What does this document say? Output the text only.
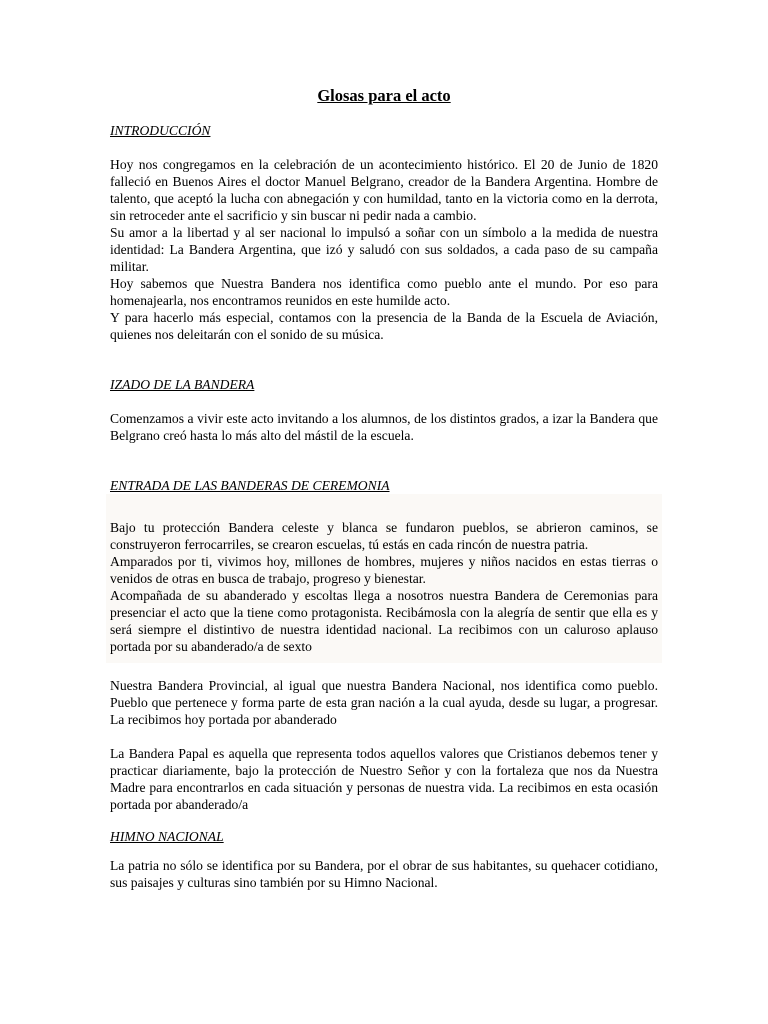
Glosas para el acto
INTRODUCCIÓN

Hoy nos congregamos en la celebración de un acontecimiento histórico. El 20 de Junio de 1820 falleció en Buenos Aires el doctor Manuel Belgrano, creador de la Bandera Argentina. Hombre de talento, que aceptó la lucha con abnegación y con humildad, tanto en la victoria como en la derrota, sin retroceder ante el sacrificio y sin buscar ni pedir nada a cambio.

Su amor a la libertad y al ser nacional lo impulsó a soñar con un símbolo a la medida de nuestra identidad: La Bandera Argentina, que izó y saludó con sus soldados, a cada paso de su campaña militar.

Hoy sabemos que Nuestra Bandera nos identifica como pueblo ante el mundo. Por eso para homenajearla, nos encontramos reunidos en este humilde acto.

Y para hacerlo más especial, contamos con la presencia de la Banda de la Escuela de Aviación, quienes nos deleitarán con el sonido de su música.

IZADO DE LA BANDERA

Comenzamos a vivir este acto invitando a los alumnos, de los distintos grados, a izar la Bandera que Belgrano creó hasta lo más alto del mástil de la escuela.

ENTRADA DE LAS BANDERAS DE CEREMONIA

Bajo tu protección Bandera celeste y blanca se fundaron pueblos, se abrieron caminos, se construyeron ferrocarriles, se crearon escuelas, tú estás en cada rincón de nuestra patria.

Amparados por ti, vivimos hoy, millones de hombres, mujeres y niños nacidos en estas tierras o venidos de otras en busca de trabajo, progreso y bienestar.

Acompañada de su abanderado y escoltas llega a nosotros nuestra Bandera de Ceremonias para presenciar el acto que la tiene como protagonista. Recibámosla con la alegría de sentir que ella es y será siempre el distintivo de nuestra identidad nacional. La recibimos con un caluroso aplauso portada por su abanderado/a de sexto

Nuestra Bandera Provincial, al igual que nuestra Bandera Nacional, nos identifica como pueblo. Pueblo que pertenece y forma parte de esta gran nación a la cual ayuda, desde su lugar, a progresar. La recibimos hoy portada por abanderado

La Bandera Papal es aquella que representa todos aquellos valores que Cristianos debemos tener y practicar diariamente, bajo la protección de Nuestro Señor y con la fortaleza que nos da Nuestra Madre para encontrarlos en cada situación y personas de nuestra vida. La recibimos en esta ocasión portada por abanderado/a

HIMNO NACIONAL

La patria no sólo se identifica por su Bandera, por el obrar de sus habitantes, su quehacer cotidiano, sus paisajes y culturas sino también por su Himno Nacional.
